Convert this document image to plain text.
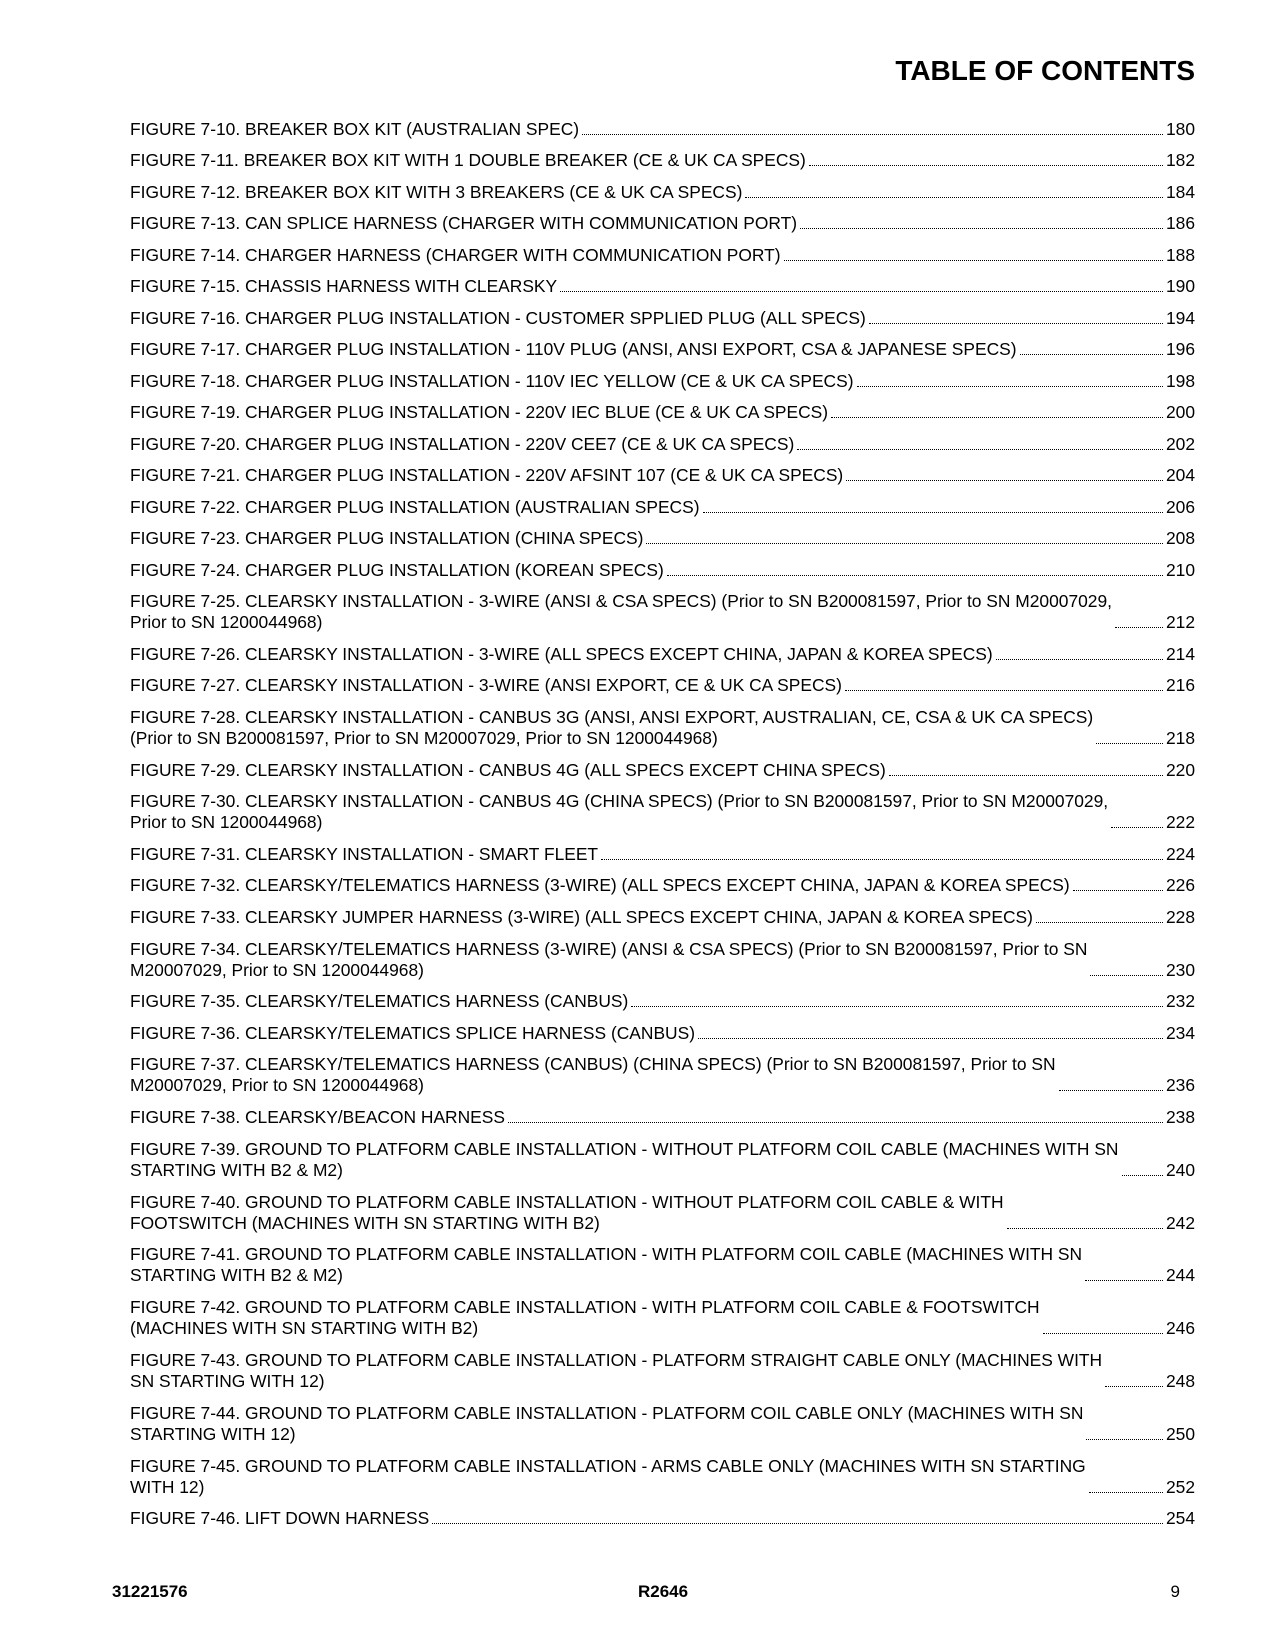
TABLE OF CONTENTS
FIGURE 7-10. BREAKER BOX KIT (AUSTRALIAN SPEC)	180
FIGURE 7-11. BREAKER BOX KIT WITH 1 DOUBLE BREAKER (CE & UK CA SPECS)	182
FIGURE 7-12. BREAKER BOX KIT WITH 3 BREAKERS (CE & UK CA SPECS)	184
FIGURE 7-13. CAN SPLICE HARNESS (CHARGER WITH COMMUNICATION PORT)	186
FIGURE 7-14. CHARGER HARNESS (CHARGER WITH COMMUNICATION PORT)	188
FIGURE 7-15. CHASSIS HARNESS WITH CLEARSKY	190
FIGURE 7-16. CHARGER PLUG INSTALLATION - CUSTOMER SPPLIED PLUG (ALL SPECS)	194
FIGURE 7-17. CHARGER PLUG INSTALLATION - 110V PLUG (ANSI, ANSI EXPORT, CSA & JAPANESE SPECS)	196
FIGURE 7-18. CHARGER PLUG INSTALLATION - 110V IEC YELLOW (CE & UK CA SPECS)	198
FIGURE 7-19. CHARGER PLUG INSTALLATION - 220V IEC BLUE (CE & UK CA SPECS)	200
FIGURE 7-20. CHARGER PLUG INSTALLATION - 220V CEE7 (CE & UK CA SPECS)	202
FIGURE 7-21. CHARGER PLUG INSTALLATION - 220V AFSINT 107 (CE & UK CA SPECS)	204
FIGURE 7-22. CHARGER PLUG INSTALLATION (AUSTRALIAN SPECS)	206
FIGURE 7-23. CHARGER PLUG INSTALLATION (CHINA SPECS)	208
FIGURE 7-24. CHARGER PLUG INSTALLATION (KOREAN SPECS)	210
FIGURE 7-25. CLEARSKY INSTALLATION - 3-WIRE (ANSI & CSA SPECS) (Prior to SN B200081597, Prior to SN M20007029,
Prior to SN 1200044968)	212
FIGURE 7-26. CLEARSKY INSTALLATION - 3-WIRE (ALL SPECS EXCEPT CHINA, JAPAN & KOREA SPECS)	214
FIGURE 7-27. CLEARSKY INSTALLATION - 3-WIRE (ANSI EXPORT, CE & UK CA SPECS)	216
FIGURE 7-28. CLEARSKY INSTALLATION - CANBUS 3G (ANSI, ANSI EXPORT, AUSTRALIAN, CE, CSA & UK CA SPECS)
(Prior to SN B200081597, Prior to SN M20007029, Prior to SN 1200044968)	218
FIGURE 7-29. CLEARSKY INSTALLATION - CANBUS 4G (ALL SPECS EXCEPT CHINA SPECS)	220
FIGURE 7-30. CLEARSKY INSTALLATION - CANBUS 4G (CHINA SPECS) (Prior to SN B200081597, Prior to SN M20007029,
Prior to SN 1200044968)	222
FIGURE 7-31. CLEARSKY INSTALLATION - SMART FLEET	224
FIGURE 7-32. CLEARSKY/TELEMATICS HARNESS (3-WIRE) (ALL SPECS EXCEPT CHINA, JAPAN & KOREA SPECS)	226
FIGURE 7-33. CLEARSKY JUMPER HARNESS (3-WIRE) (ALL SPECS EXCEPT CHINA, JAPAN & KOREA SPECS)	228
FIGURE 7-34. CLEARSKY/TELEMATICS HARNESS (3-WIRE) (ANSI & CSA SPECS) (Prior to SN B200081597, Prior to SN
M20007029, Prior to SN 1200044968)	230
FIGURE 7-35. CLEARSKY/TELEMATICS HARNESS (CANBUS)	232
FIGURE 7-36. CLEARSKY/TELEMATICS SPLICE HARNESS (CANBUS)	234
FIGURE 7-37. CLEARSKY/TELEMATICS HARNESS (CANBUS) (CHINA SPECS) (Prior to SN B200081597, Prior to SN
M20007029, Prior to SN 1200044968)	236
FIGURE 7-38. CLEARSKY/BEACON HARNESS	238
FIGURE 7-39. GROUND TO PLATFORM CABLE INSTALLATION - WITHOUT PLATFORM COIL CABLE (MACHINES WITH SN
STARTING WITH B2 & M2)	240
FIGURE 7-40. GROUND TO PLATFORM CABLE INSTALLATION - WITHOUT PLATFORM COIL CABLE & WITH
FOOTSWITCH (MACHINES WITH SN STARTING WITH B2)	242
FIGURE 7-41. GROUND TO PLATFORM CABLE INSTALLATION - WITH PLATFORM COIL CABLE (MACHINES WITH SN
STARTING WITH B2 & M2)	244
FIGURE 7-42. GROUND TO PLATFORM CABLE INSTALLATION - WITH PLATFORM COIL CABLE & FOOTSWITCH
(MACHINES WITH SN STARTING WITH B2)	246
FIGURE 7-43. GROUND TO PLATFORM CABLE INSTALLATION - PLATFORM STRAIGHT CABLE ONLY (MACHINES WITH
SN STARTING WITH 12)	248
FIGURE 7-44. GROUND TO PLATFORM CABLE INSTALLATION - PLATFORM COIL CABLE ONLY (MACHINES WITH SN
STARTING WITH 12)	250
FIGURE 7-45. GROUND TO PLATFORM CABLE INSTALLATION - ARMS CABLE ONLY (MACHINES WITH SN STARTING
WITH 12)	252
FIGURE 7-46. LIFT DOWN HARNESS	254
31221576	R2646	9
